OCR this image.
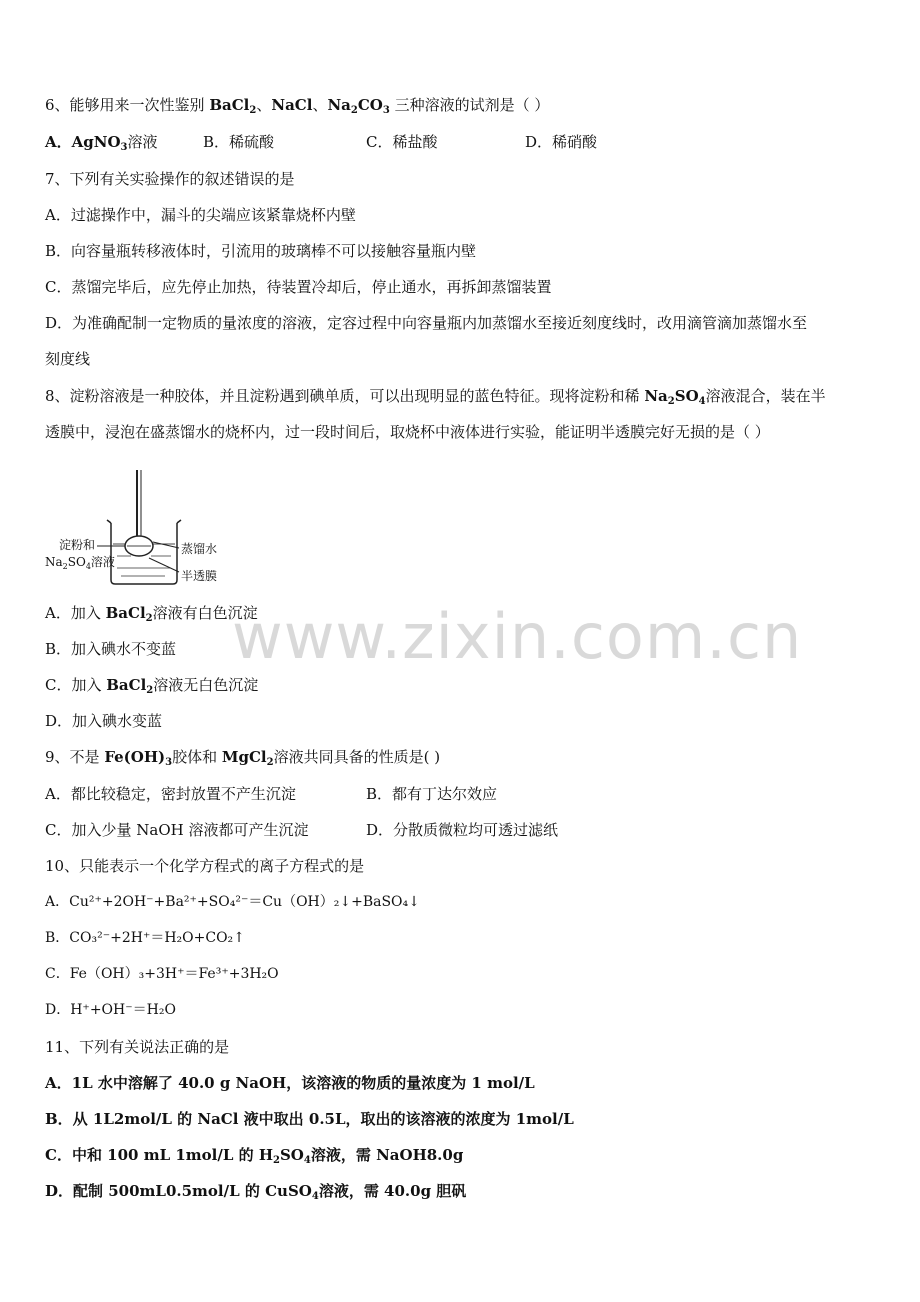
www.zixin.com.cn
6、能够用来一次性鉴别 BaCl$_2$、NaCl、$Na_2CO_3$ 三种溶液的试剂是（ ）
A．AgNO$_3$溶液	B．稀硫酸	C．稀盐酸	D．稀硝酸
7、下列有关实验操作的叙述错误的是
A．过滤操作中，漏斗的尖端应该紧靠烧杯内壁
B．向容量瓶转移液体时，引流用的玻璃棒不可以接触容量瓶内壁
C．蒸馏完毕后，应先停止加热，待装置冷却后，停止通水，再拆卸蒸馏装置
D．为准确配制一定物质的量浓度的溶液，定容过程中向容量瓶内加蒸馏水至接近刻度线时，改用滴管滴加蒸馏水至
刻度线
8、淀粉溶液是一种胶体，并且淀粉遇到碘单质，可以出现明显的蓝色特征。现将淀粉和稀 $Na_2SO_4$溶液混合，装在半
透膜中，浸泡在盛蒸馏水的烧杯内，过一段时间后，取烧杯中液体进行实验，能证明半透膜完好无损的是（ ）
淀粉和
$Na_2SO_4$溶液
蒸馏水
半透膜
A．加入 BaCl$_2$溶液有白色沉淀
B．加入碘水不变蓝
C．加入 BaCl$_2$溶液无白色沉淀
D．加入碘水变蓝
9、不是 $Fe(OH)_3$胶体和 MgCl$_2$溶液共同具备的性质是( )
A．都比较稳定，密封放置不产生沉淀	B．都有丁达尔效应
C．加入少量 NaOH 溶液都可产生沉淀	D．分散质微粒均可透过滤纸
10、只能表示一个化学方程式的离子方程式的是
A．Cu²⁺+2OH⁻+Ba²⁺+SO₄²⁻＝Cu（OH）₂↓+BaSO₄↓
B．CO₃²⁻+2H⁺＝H₂O+CO₂↑
C．Fe（OH）₃+3H⁺＝Fe³⁺+3H₂O
D．H⁺+OH⁻＝H₂O
11、下列有关说法正确的是
A．1L 水中溶解了 40.0 g NaOH，该溶液的物质的量浓度为 1 mol/L
B．从 1L2mol/L 的 NaCl 液中取出 0.5L，取出的该溶液的浓度为 1mol/L
C．中和 100 mL 1mol/L 的 $H_2SO_4$溶液，需 NaOH8.0g
D．配制 500mL0.5mol/L 的 CuSO$_4$溶液，需 40.0g 胆矾
